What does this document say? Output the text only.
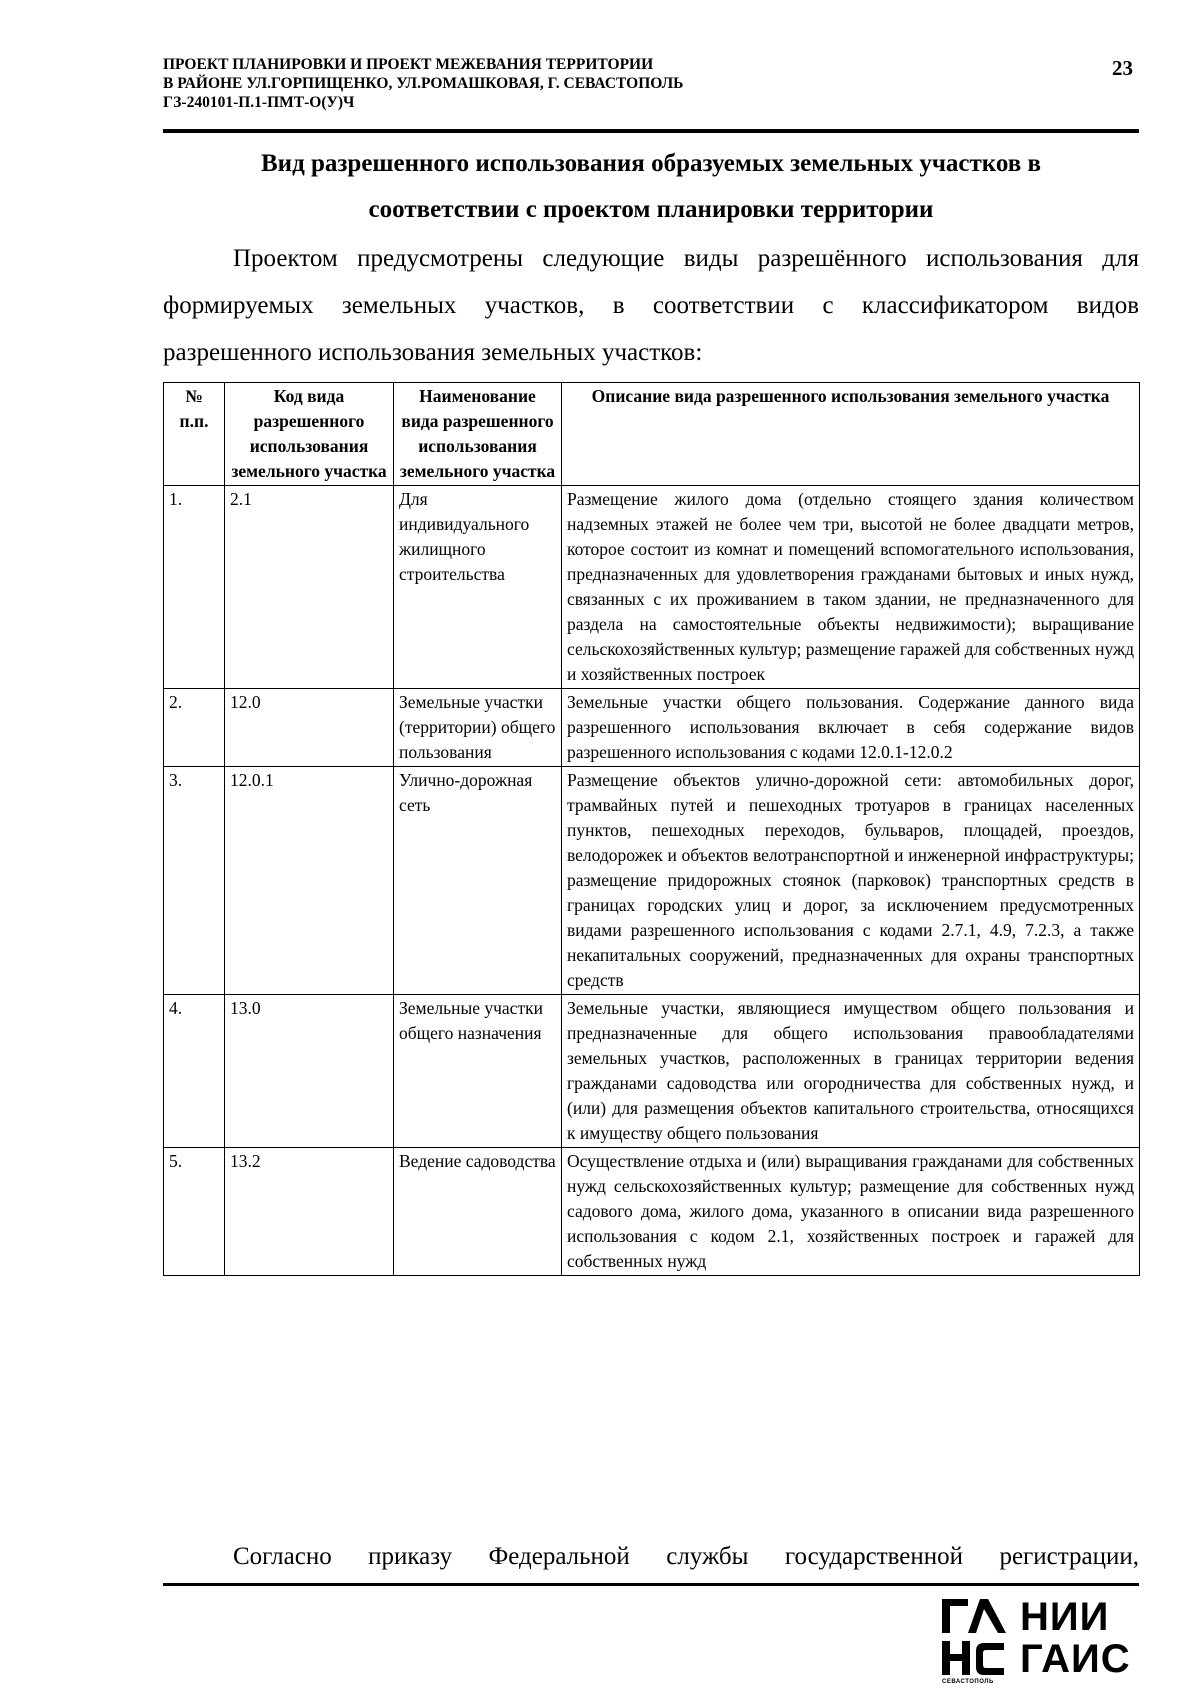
ПРОЕКТ ПЛАНИРОВКИ И ПРОЕКТ МЕЖЕВАНИЯ ТЕРРИТОРИИ
В РАЙОНЕ УЛ.ГОРПИЩЕНКО, УЛ.РОМАШКОВАЯ, Г. СЕВАСТОПОЛЬ
ГЗ-240101-П.1-ПМТ-О(У)Ч
23
Вид разрешенного использования образуемых земельных участков в
соответствии с проектом планировки территории
Проектом предусмотрены следующие виды разрешённого использования для
формируемых земельных участков, в соответствии с классификатором видов
разрешенного использования земельных участков:
№ п.п.	Код вида разрешенного использования земельного участка	Наименование вида разрешенного использования земельного участка	Описание вида разрешенного использования земельного участка
1.	2.1	Для индивидуального жилищного строительства	Размещение жилого дома (отдельно стоящего здания количеством надземных этажей не более чем три, высотой не более двадцати метров, которое состоит из комнат и помещений вспомогательного использования, предназначенных для удовлетворения гражданами бытовых и иных нужд, связанных с их проживанием в таком здании, не предназначенного для раздела на самостоятельные объекты недвижимости); выращивание сельскохозяйственных культур; размещение гаражей для собственных нужд и хозяйственных построек
2.	12.0	Земельные участки (территории) общего пользования	Земельные участки общего пользования. Содержание данного вида разрешенного использования включает в себя содержание видов разрешенного использования с кодами 12.0.1-12.0.2
3.	12.0.1	Улично-дорожная сеть	Размещение объектов улично-дорожной сети: автомобильных дорог, трамвайных путей и пешеходных тротуаров в границах населенных пунктов, пешеходных переходов, бульваров, площадей, проездов, велодорожек и объектов велотранспортной и инженерной инфраструктуры; размещение придорожных стоянок (парковок) транспортных средств в границах городских улиц и дорог, за исключением предусмотренных видами разрешенного использования с кодами 2.7.1, 4.9, 7.2.3, а также некапитальных сооружений, предназначенных для охраны транспортных средств
4.	13.0	Земельные участки общего назначения	Земельные участки, являющиеся имуществом общего пользования и предназначенные для общего использования правообладателями земельных участков, расположенных в границах территории ведения гражданами садоводства или огородничества для собственных нужд, и (или) для размещения объектов капитального строительства, относящихся к имуществу общего пользования
5.	13.2	Ведение садоводства	Осуществление отдыха и (или) выращивания гражданами для собственных нужд сельскохозяйственных культур; размещение для собственных нужд садового дома, жилого дома, указанного в описании вида разрешенного использования с кодом 2.1, хозяйственных построек и гаражей для собственных нужд
Согласно приказу Федеральной службы государственной регистрации,
НИИ
ГАИС
СЕВАСТОПОЛЬ
